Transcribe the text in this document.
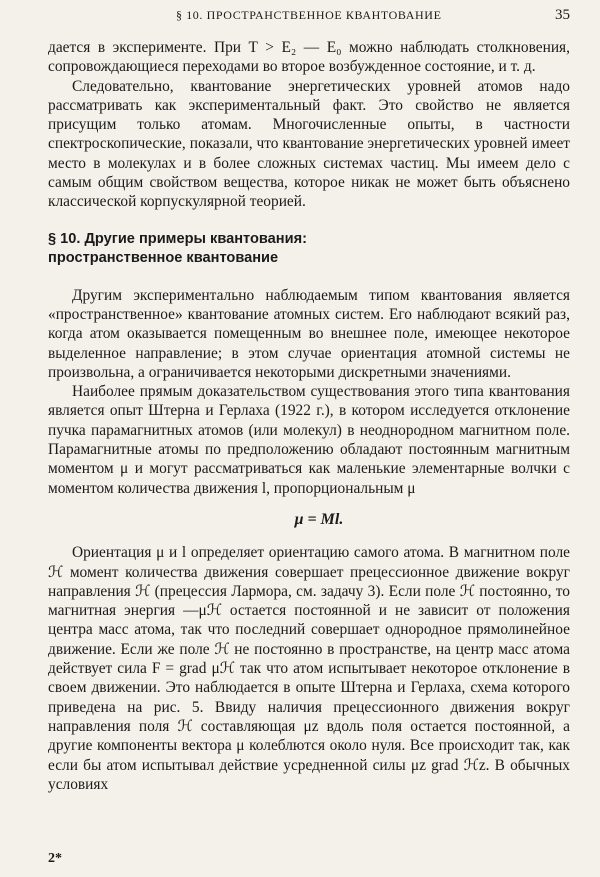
§ 10. ПРОСТРАНСТВЕННОЕ КВАНТОВАНИЕ	35

дается в эксперименте. При T > E₂ — E₀ можно наблюдать столкновения, сопровождающиеся переходами во второе возбужденное состояние, и т. д.

Следовательно, квантование энергетических уровней атомов надо рассматривать как экспериментальный факт. Это свойство не является присущим только атомам. Многочисленные опыты, в частности спектроскопические, показали, что квантование энергетических уровней имеет место в молекулах и в более сложных системах частиц. Мы имеем дело с самым общим свойством вещества, которое никак не может быть объяснено классической корпускулярной теорией.

§ 10. Другие примеры квантования:
пространственное квантование

Другим экспериментально наблюдаемым типом квантования является «пространственное» квантование атомных систем. Его наблюдают всякий раз, когда атом оказывается помещенным во внешнее поле, имеющее некоторое выделенное направление; в этом случае ориентация атомной системы не произвольна, а ограничивается некоторыми дискретными значениями.

Наиболее прямым доказательством существования этого типа квантования является опыт Штерна и Герлаха (1922 г.), в котором исследуется отклонение пучка парамагнитных атомов (или молекул) в неоднородном магнитном поле. Парамагнитные атомы по предположению обладают постоянным магнитным моментом μ и могут рассматриваться как маленькие элементарные волчки с моментом количества движения l, пропорциональным μ

μ = Ml.

Ориентация μ и l определяет ориентацию самого атома. В магнитном поле ℋ момент количества движения совершает прецессионное движение вокруг направления ℋ (прецессия Лармора, см. задачу 3). Если поле ℋ постоянно, то магнитная энергия —μℋ остается постоянной и не зависит от положения центра масс атома, так что последний совершает однородное прямолинейное движение. Если же поле ℋ не постоянно в пространстве, на центр масс атома действует сила F = grad μℋ так что атом испытывает некоторое отклонение в своем движении. Это наблюдается в опыте Штерна и Герлаха, схема которого приведена на рис. 5. Ввиду наличия прецессионного движения вокруг направления поля ℋ составляющая μz вдоль поля остается постоянной, а другие компоненты вектора μ колеблются около нуля. Все происходит так, как если бы атом испытывал действие усредненной силы μz grad ℋz. В обычных условиях

2*
